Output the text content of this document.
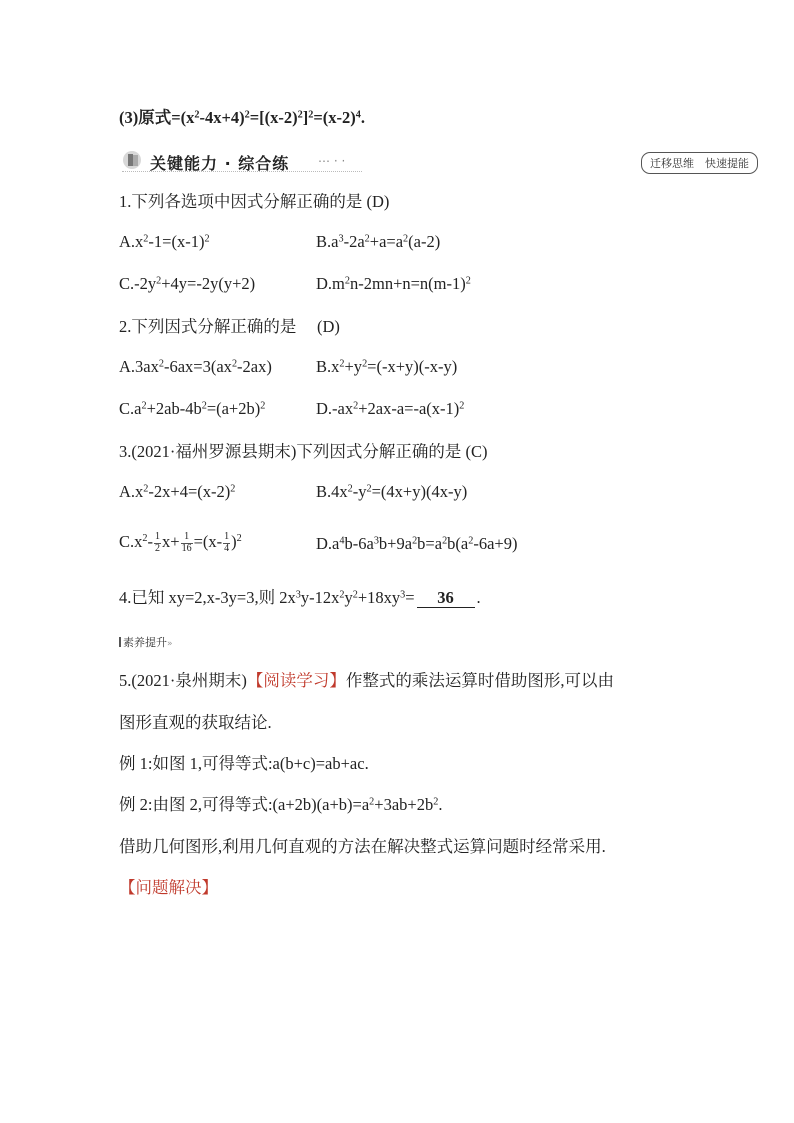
(3)原式$=(x^2-4x+4)^2=[(x-2)^2]^2=(x-2)^4$.
关键能力 · 综合练 ⋯ · ·	迁移思维　快速提能
1.下列各选项中因式分解正确的是 (D)
$A.x^2-1=(x-1)^2$	$B.a^3-2a^2+a=a^2(a-2)$
$C.-2y^2+4y=-2y(y+2)$	$D.m^2n-2mn+n=n(m-1)^2$
2.下列因式分解正确的是　 (D)
$A.3ax^2-6ax=3(ax^2-2ax)$	$B.x^2+y^2=(-x+y)(-x-y)$
$C.a^2+2ab-4b^2=(a+2b)^2$	$D.-ax^2+2ax-a=-a(x-1)^2$
3.(2021·福州罗源县期末)下列因式分解正确的是 (C)
$A.x^2-2x+4=(x-2)^2$	$B.4x^2-y^2=(4x+y)(4x-y)$
$C.x^2- \frac{1}{2} x+ \frac{1}{16} =(x- \frac{1}{4} )^2$	$D.a^4b-6a^3b+9a^2b=a^2b(a^2-6a+9)$
4.已知 xy=2,x-3y=3,则 $2x^3y-12x^2y^2+18xy^3= 36$ .
素养提升»
5.(2021·泉州期末)【阅读学习】作整式的乘法运算时借助图形,可以由
图形直观的获取结论.
例 1:如图 1,可得等式:a(b+c)=ab+ac.
例 2:由图 2,可得等式$:(a+2b)(a+b)=a^2+3ab+2b^2$.
借助几何图形,利用几何直观的方法在解决整式运算问题时经常采用.
【问题解决】
